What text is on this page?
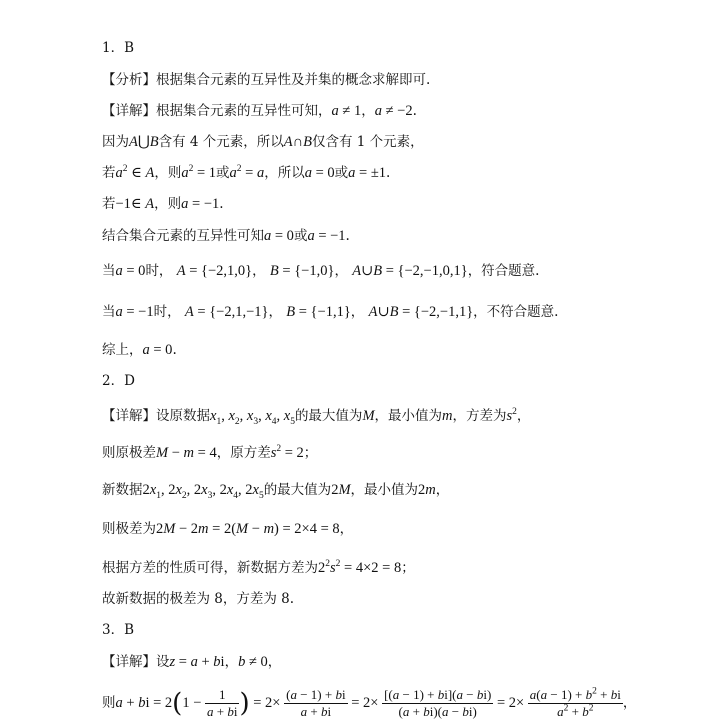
1．B
【分析】根据集合元素的互异性及并集的概念求解即可.
【详解】根据集合元素的互异性可知，a ≠ 1，a ≠ −2.
因为A⋃B含有 4 个元素，所以A∩B仅含有 1 个元素，
若$a^2$ ∈ A，则$a^2 = 1$或$a^2 = a$，所以a = 0或a = ±1.
若−1∈ A，则a = −1.
结合集合元素的互异性可知a = 0或a = −1.
当a = 0时， A = {−2,1,0}， B = {−1,0}， A∪B = {−2,−1,0,1}，符合题意.
当a = −1时， A = {−2,1,−1}， B = {−1,1}， A∪B = {−2,−1,1}，不符合题意.
综上，a = 0.
2．D
【详解】设原数据$x_1$, $x_2$, $x_3$, $x_4$, $x_5$的最大值为M，最小值为m，方差为$s^2$，
则原极差M − m = 4，原方差$s^2 = 2$；
新数据$2x_1$, $2x_2$, $2x_3$, $2x_4$, $2x_5$的最大值为2M，最小值为2m，
则极差为2M − 2m = 2(M − m) = 2×4 = 8，
根据方差的性质可得，新数据方差为$2^2s^2 = 4\times 2 = 8$；
故新数据的极差为 8，方差为 8.
3．B
【详解】设z = a + bi，b ≠ 0，
则a + bi = $2(1 - \frac{1}{a + bi}$ ) = $2\times \frac{(a - 1) + bi}{a + bi} = 2\times \frac{[(a - 1) + bi](a - bi)}{(a + bi)(a - bi)} = 2\times \frac{a(a - 1) + b^2 + bi}{a^2 + b^2}$ ，
